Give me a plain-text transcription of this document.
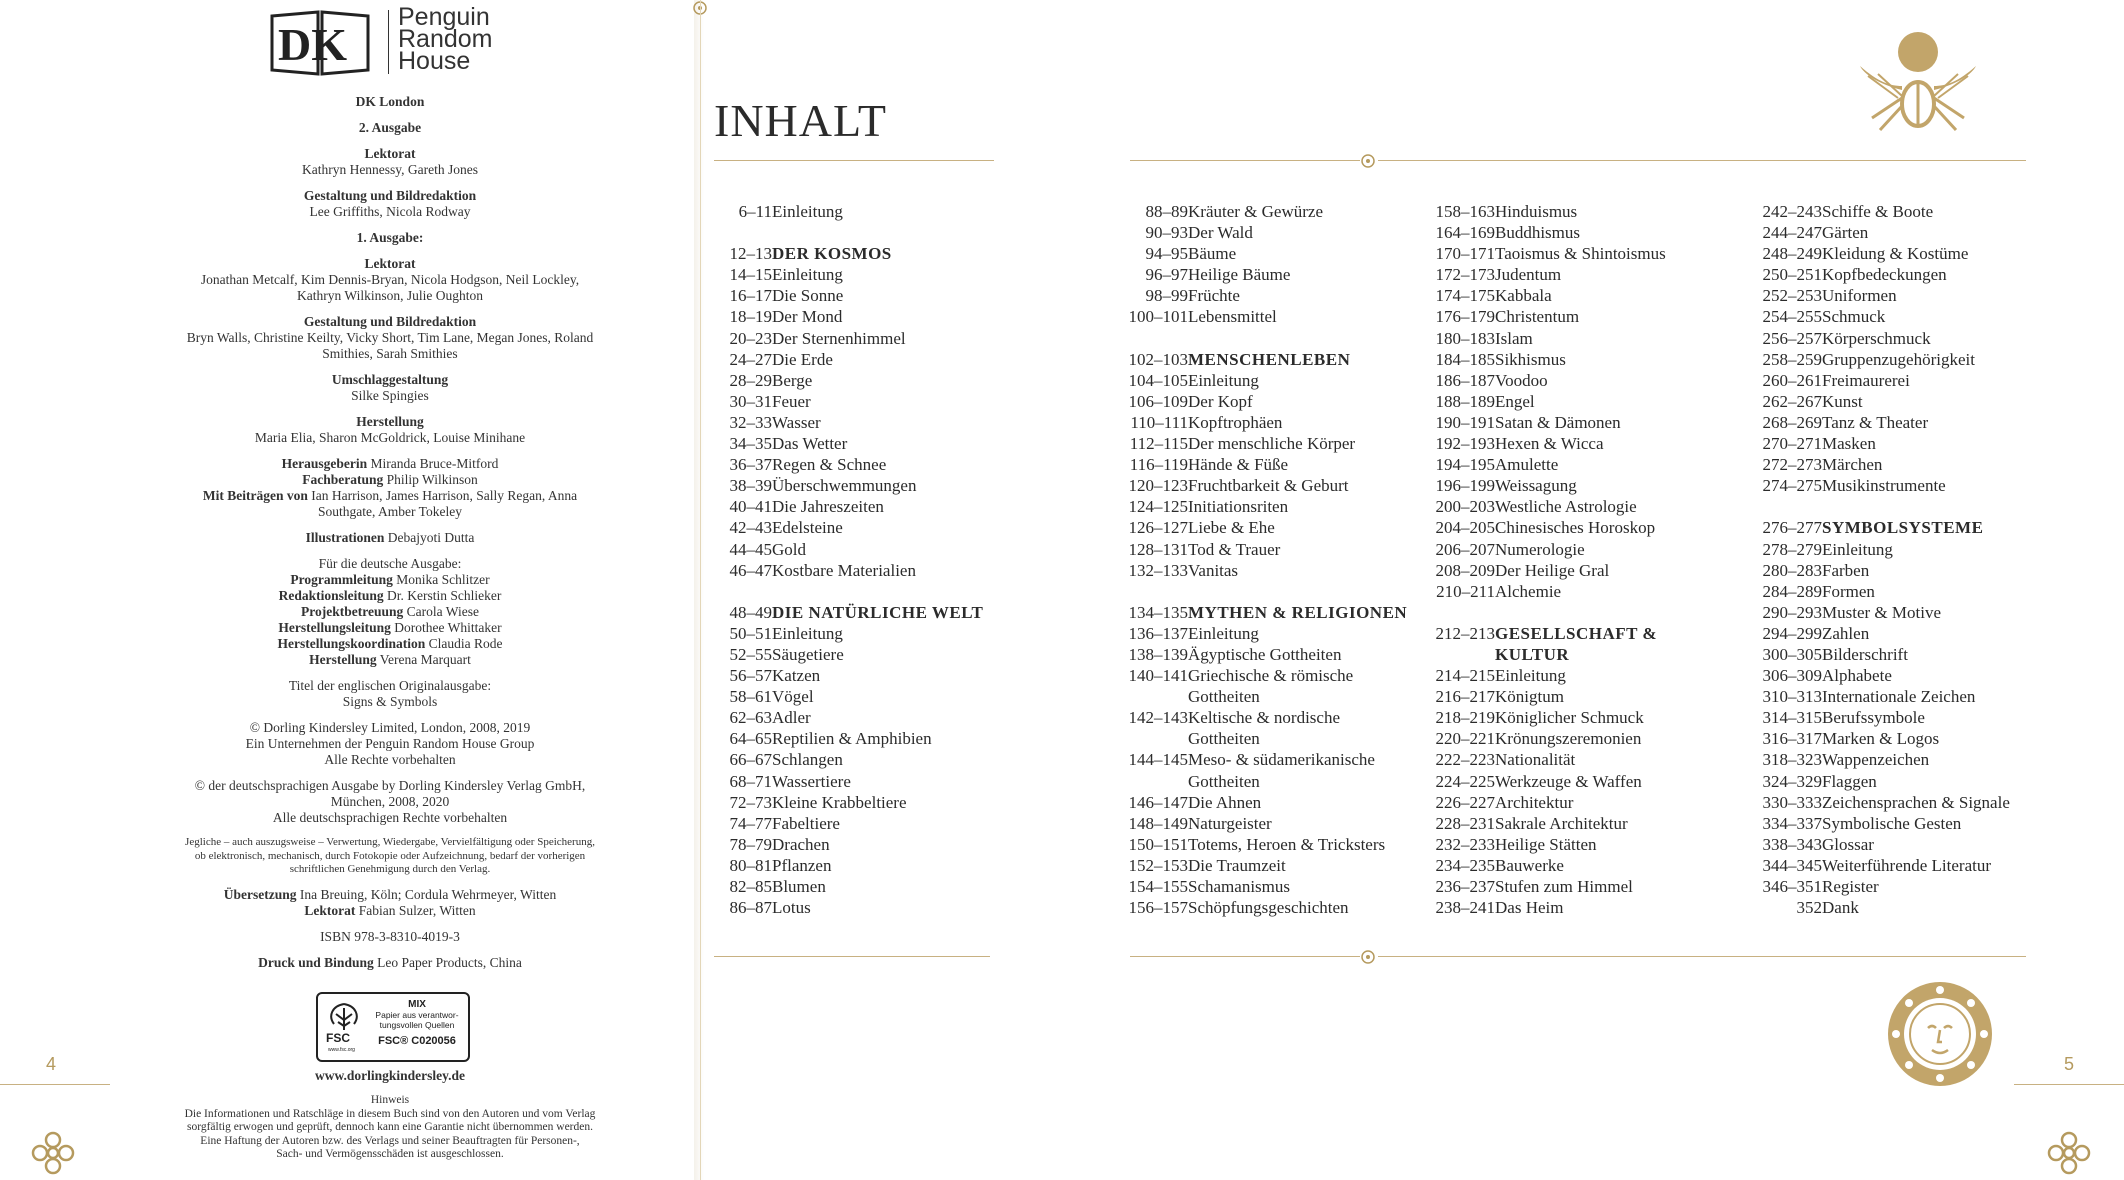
DK
Penguin
Random
House

DK London

2. Ausgabe

Lektorat
Kathryn Hennessy, Gareth Jones

Gestaltung und Bildredaktion
Lee Griffiths, Nicola Rodway

1. Ausgabe:

Lektorat
Jonathan Metcalf, Kim Dennis-Bryan, Nicola Hodgson, Neil Lockley, Kathryn Wilkinson, Julie Oughton

Gestaltung und Bildredaktion
Bryn Walls, Christine Keilty, Vicky Short, Tim Lane, Megan Jones, Roland Smithies, Sarah Smithies

Umschlaggestaltung
Silke Spingies

Herstellung
Maria Elia, Sharon McGoldrick, Louise Minihane

Herausgeberin Miranda Bruce-Mitford
Fachberatung Philip Wilkinson
Mit Beiträgen von Ian Harrison, James Harrison, Sally Regan, Anna Southgate, Amber Tokeley

Illustrationen Debajyoti Dutta

Für die deutsche Ausgabe:
Programmleitung Monika Schlitzer
Redaktionsleitung Dr. Kerstin Schlieker
Projektbetreuung Carola Wiese
Herstellungsleitung Dorothee Whittaker
Herstellungskoordination Claudia Rode
Herstellung Verena Marquart

Titel der englischen Originalausgabe:
Signs & Symbols

© Dorling Kindersley Limited, London, 2008, 2019
Ein Unternehmen der Penguin Random House Group
Alle Rechte vorbehalten

© der deutschsprachigen Ausgabe by Dorling Kindersley Verlag GmbH,
München, 2008, 2020
Alle deutschsprachigen Rechte vorbehalten

Jegliche – auch auszugsweise – Verwertung, Wiedergabe, Vervielfältigung oder Speicherung, ob elektronisch, mechanisch, durch Fotokopie oder Aufzeichnung, bedarf der vorherigen schriftlichen Genehmigung durch den Verlag.

Übersetzung Ina Breuing, Köln; Cordula Wehrmeyer, Witten
Lektorat Fabian Sulzer, Witten

ISBN 978-3-8310-4019-3

Druck und Bindung Leo Paper Products, China

FSC
www.fsc.org
MIX
Papier aus verantwor-tungsvollen Quellen
FSC® C020056
www.dorlingkindersley.de

Hinweis

Die Informationen und Ratschläge in diesem Buch sind von den Autoren und vom Verlag

sorgfältig erwogen und geprüft, dennoch kann eine Garantie nicht übernommen werden.

Eine Haftung der Autoren bzw. des Verlags und seiner Beauftragten für Personen-,

Sach- und Vermögensschäden ist ausgeschlossen.

4
INHALT
6–11 Einleitung
12–13 DER KOSMOS
14–15 Einleitung
16–17 Die Sonne
18–19 Der Mond
20–23 Der Sternenhimmel
24–27 Die Erde
28–29 Berge
30–31 Feuer
32–33 Wasser
34–35 Das Wetter
36–37 Regen & Schnee
38–39 Überschwemmungen
40–41 Die Jahreszeiten
42–43 Edelsteine
44–45 Gold
46–47 Kostbare Materialien
48–49 DIE NATÜRLICHE WELT
50–51 Einleitung
52–55 Säugetiere
56–57 Katzen
58–61 Vögel
62–63 Adler
64–65 Reptilien & Amphibien
66–67 Schlangen
68–71 Wassertiere
72–73 Kleine Krabbeltiere
74–77 Fabeltiere
78–79 Drachen
80–81 Pflanzen
82–85 Blumen
86–87 Lotus
88–89 Kräuter & Gewürze
90–93 Der Wald
94–95 Bäume
96–97 Heilige Bäume
98–99 Früchte
100–101 Lebensmittel
102–103 MENSCHENLEBEN
104–105 Einleitung
106–109 Der Kopf
110–111 Kopftrophäen
112–115 Der menschliche Körper
116–119 Hände & Füße
120–123 Fruchtbarkeit & Geburt
124–125 Initiationsriten
126–127 Liebe & Ehe
128–131 Tod & Trauer
132–133 Vanitas
134–135 MYTHEN & RELIGIONEN
136–137 Einleitung
138–139 Ägyptische Gottheiten
140–141 Griechische & römische
Gottheiten
142–143 Keltische & nordische
Gottheiten
144–145 Meso- & südamerikanische
Gottheiten
146–147 Die Ahnen
148–149 Naturgeister
150–151 Totems, Heroen & Tricksters
152–153 Die Traumzeit
154–155 Schamanismus
156–157 Schöpfungsgeschichten
158–163 Hinduismus
164–169 Buddhismus
170–171 Taoismus & Shintoismus
172–173 Judentum
174–175 Kabbala
176–179 Christentum
180–183 Islam
184–185 Sikhismus
186–187 Voodoo
188–189 Engel
190–191 Satan & Dämonen
192–193 Hexen & Wicca
194–195 Amulette
196–199 Weissagung
200–203 Westliche Astrologie
204–205 Chinesisches Horoskop
206–207 Numerologie
208–209 Der Heilige Gral
210–211 Alchemie
212–213 GESELLSCHAFT &
KULTUR
214–215 Einleitung
216–217 Königtum
218–219 Königlicher Schmuck
220–221 Krönungszeremonien
222–223 Nationalität
224–225 Werkzeuge & Waffen
226–227 Architektur
228–231 Sakrale Architektur
232–233 Heilige Stätten
234–235 Bauwerke
236–237 Stufen zum Himmel
238–241 Das Heim
242–243 Schiffe & Boote
244–247 Gärten
248–249 Kleidung & Kostüme
250–251 Kopfbedeckungen
252–253 Uniformen
254–255 Schmuck
256–257 Körperschmuck
258–259 Gruppenzugehörigkeit
260–261 Freimaurerei
262–267 Kunst
268–269 Tanz & Theater
270–271 Masken
272–273 Märchen
274–275 Musikinstrumente
276–277 SYMBOLSYSTEME
278–279 Einleitung
280–283 Farben
284–289 Formen
290–293 Muster & Motive
294–299 Zahlen
300–305 Bilderschrift
306–309 Alphabete
310–313 Internationale Zeichen
314–315 Berufssymbole
316–317 Marken & Logos
318–323 Wappenzeichen
324–329 Flaggen
330–333 Zeichensprachen & Signale
334–337 Symbolische Gesten
338–343 Glossar
344–345 Weiterführende Literatur
346–351 Register
352 Dank
5
